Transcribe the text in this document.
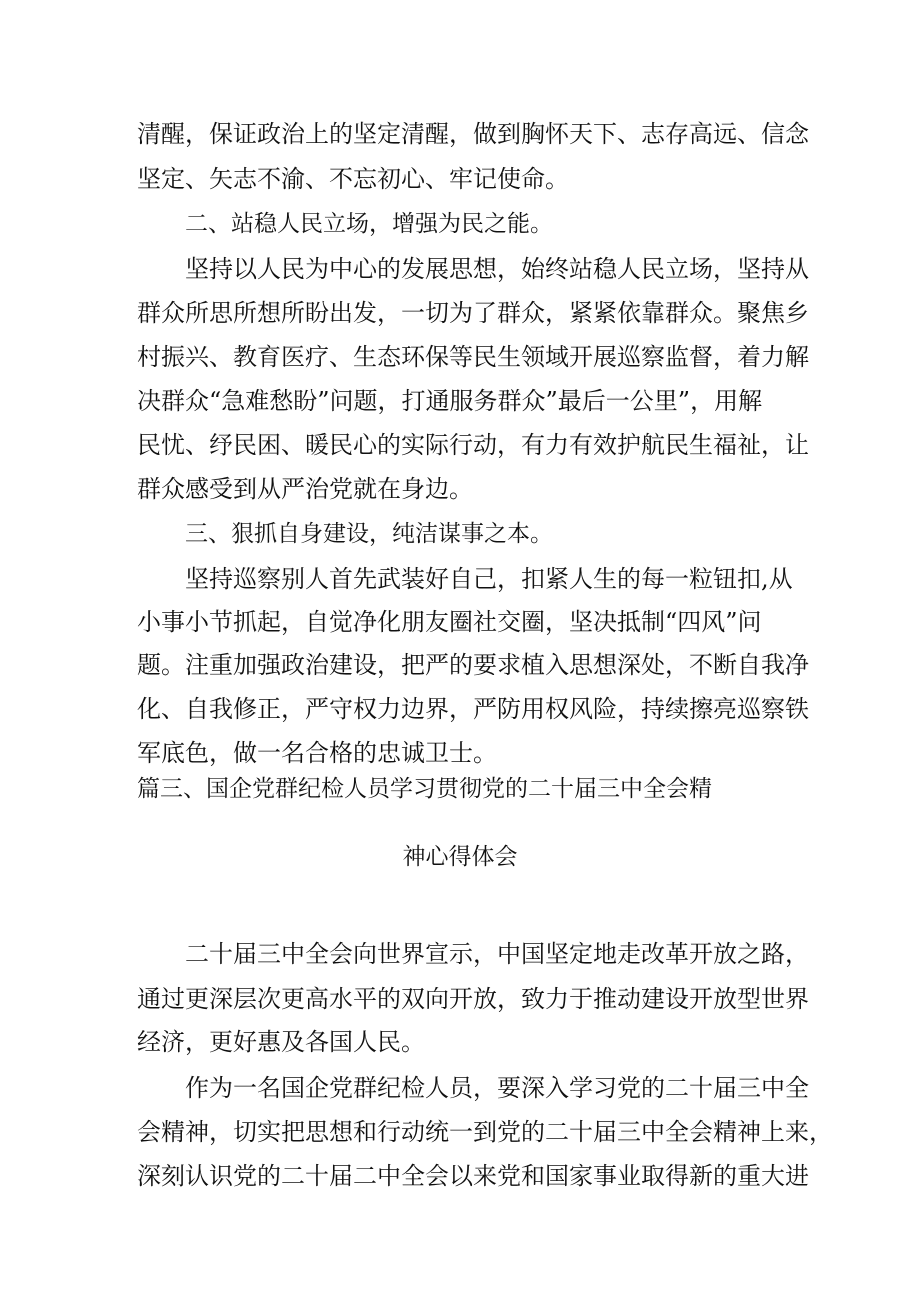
清醒，保证政治上的坚定清醒，做到胸怀天下、志存高远、信念
坚定、矢志不渝、不忘初心、牢记使命。
二、站稳人民立场，增强为民之能。
坚持以人民为中心的发展思想，始终站稳人民立场，坚持从
群众所思所想所盼出发，一切为了群众，紧紧依靠群众。聚焦乡
村振兴、教育医疗、生态环保等民生领域开展巡察监督，着力解
决群众“急难愁盼”问题，打通服务群众”最后一公里”，用解
民忧、纾民困、暖民心的实际行动，有力有效护航民生福祉，让
群众感受到从严治党就在身边。
三、狠抓自身建设，纯洁谋事之本。
坚持巡察别人首先武装好自己，扣紧人生的每一粒钮扣,从
小事小节抓起，自觉净化朋友圈社交圈，坚决抵制“四风”问
题。注重加强政治建设，把严的要求植入思想深处，不断自我净
化、自我修正，严守权力边界，严防用权风险，持续擦亮巡察铁
军底色，做一名合格的忠诚卫士。
篇三、国企党群纪检人员学习贯彻党的二十届三中全会精
神心得体会
二十届三中全会向世界宣示，中国坚定地走改革开放之路，
通过更深层次更高水平的双向开放，致力于推动建设开放型世界
经济，更好惠及各国人民。
作为一名国企党群纪检人员，要深入学习党的二十届三中全
会精神，切实把思想和行动统一到党的二十届三中全会精神上来，
深刻认识党的二十届二中全会以来党和国家事业取得新的重大进
